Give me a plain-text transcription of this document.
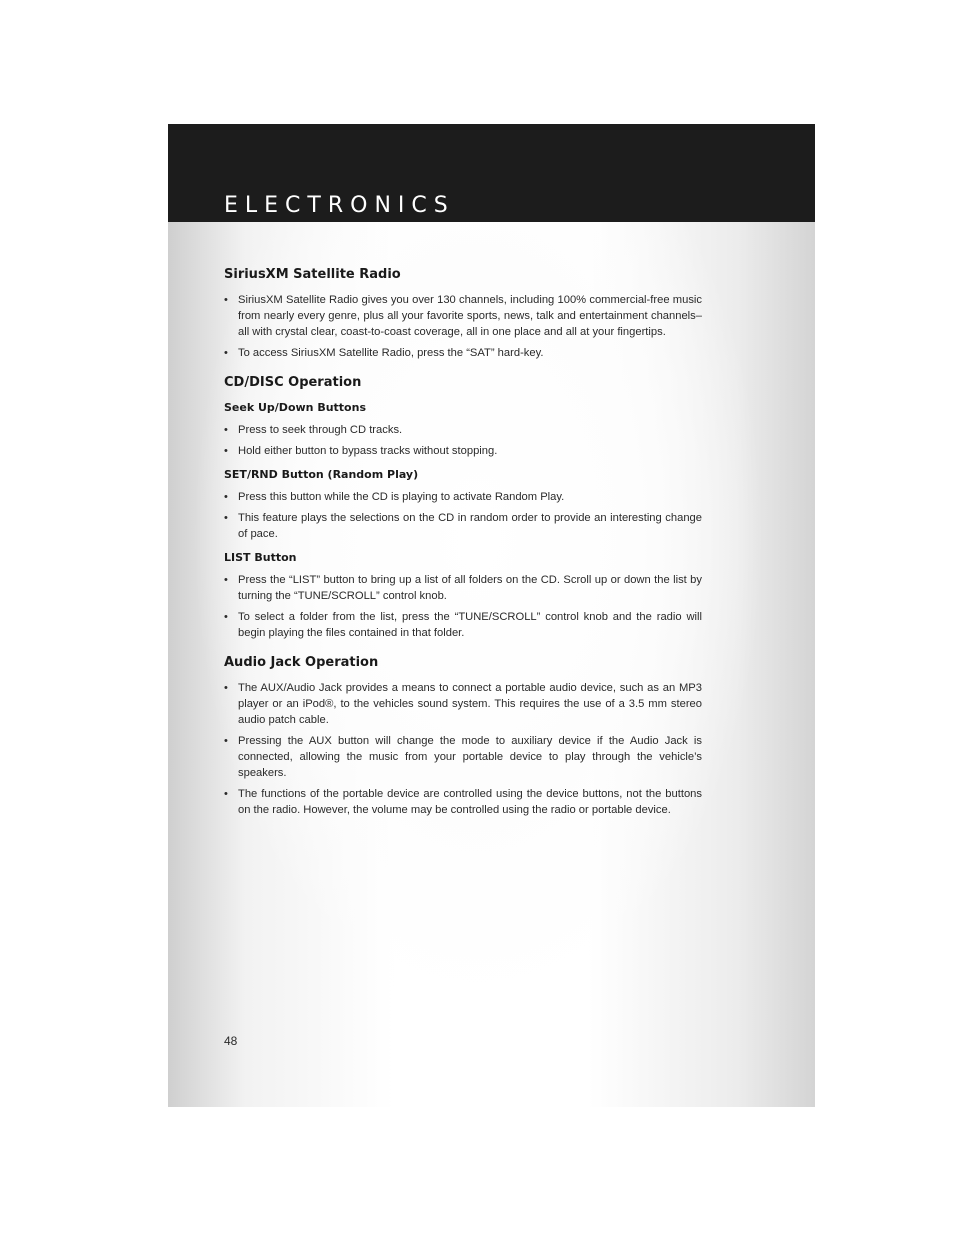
ELECTRONICS
SiriusXM Satellite Radio
• SiriusXM Satellite Radio gives you over 130 channels, including 100% commercial-free music from nearly every genre, plus all your favorite sports, news, talk and entertainment channels–all with crystal clear, coast-to-coast coverage, all in one place and all at your fingertips.
• To access SiriusXM Satellite Radio, press the “SAT” hard-key.
CD/DISC Operation
Seek Up/Down Buttons
• Press to seek through CD tracks.
• Hold either button to bypass tracks without stopping.
SET/RND Button (Random Play)
• Press this button while the CD is playing to activate Random Play.
• This feature plays the selections on the CD in random order to provide an interesting change of pace.
LIST Button
• Press the “LIST” button to bring up a list of all folders on the CD. Scroll up or down the list by turning the “TUNE/SCROLL” control knob.
• To select a folder from the list, press the “TUNE/SCROLL” control knob and the radio will begin playing the files contained in that folder.
Audio Jack Operation
• The AUX/Audio Jack provides a means to connect a portable audio device, such as an MP3 player or an iPod®, to the vehicles sound system. This requires the use of a 3.5 mm stereo audio patch cable.
• Pressing the AUX button will change the mode to auxiliary device if the Audio Jack is connected, allowing the music from your portable device to play through the vehicle’s speakers.
• The functions of the portable device are controlled using the device buttons, not the buttons on the radio. However, the volume may be controlled using the radio or portable device.
48
